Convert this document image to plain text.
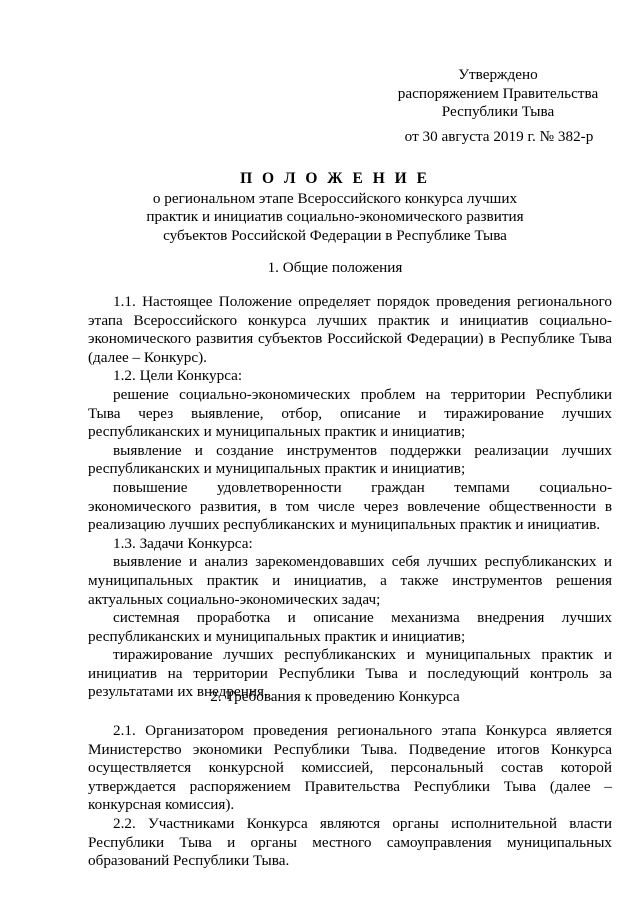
Утверждено
распоряжением Правительства
Республики Тыва
от 30 августа 2019 г. № 382-р
П О Л О Ж Е Н И Е
о региональном этапе Всероссийского конкурса лучших
практик и инициатив социально-экономического развития
субъектов Российской Федерации в Республике Тыва
1. Общие положения

1.1. Настоящее Положение определяет порядок проведения регионального этапа Всероссийского конкурса лучших практик и инициатив социально-экономического развития субъектов Российской Федерации) в Республике Тыва (далее – Конкурс).

1.2. Цели Конкурса:

решение социально-экономических проблем на территории Республики Тыва через выявление, отбор, описание и тиражирование лучших республиканских и муниципальных практик и инициатив;

выявление и создание инструментов поддержки реализации лучших республиканских и муниципальных практик и инициатив;

повышение удовлетворенности граждан темпами социально-экономического развития, в том числе через вовлечение общественности в реализацию лучших республиканских и муниципальных практик и инициатив.

1.3. Задачи Конкурса:

выявление и анализ зарекомендовавших себя лучших республиканских и муниципальных практик и инициатив, а также инструментов решения актуальных социально-экономических задач;

системная проработка и описание механизма внедрения лучших республиканских и муниципальных практик и инициатив;

тиражирование лучших республиканских и муниципальных практик и инициатив на территории Республики Тыва и последующий контроль за результатами их внедрения.

2. Требования к проведению Конкурса

2.1. Организатором проведения регионального этапа Конкурса является Министерство экономики Республики Тыва. Подведение итогов Конкурса осуществляется конкурсной комиссией, персональный состав которой утверждается распоряжением Правительства Республики Тыва (далее – конкурсная комиссия).

2.2. Участниками Конкурса являются органы исполнительной власти Республики Тыва и органы местного самоуправления муниципальных образований Республики Тыва.
